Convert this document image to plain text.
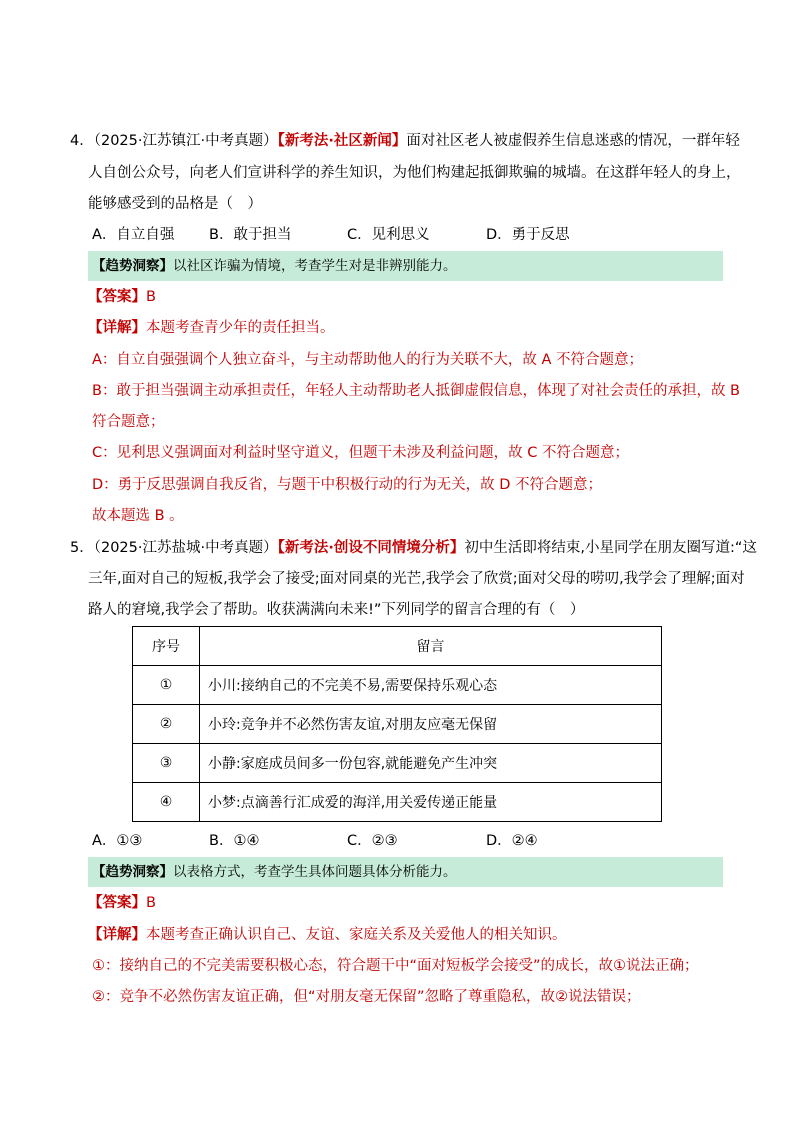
4．（2025·江苏镇江·中考真题）【新考法·社区新闻】面对社区老人被虚假养生信息迷惑的情况，一群年轻
人自创公众号，向老人们宣讲科学的养生知识，为他们构建起抵御欺骗的城墙。在这群年轻人的身上，
能够感受到的品格是（　）
A．自立自强 B．敢于担当	C．见利思义	D．勇于反思
【趋势洞察】以社区诈骗为情境，考查学生对是非辨别能力。
【答案】B
【详解】本题考查青少年的责任担当。
A：自立自强强调个人独立奋斗，与主动帮助他人的行为关联不大，故 A 不符合题意；
B：敢于担当强调主动承担责任，年轻人主动帮助老人抵御虚假信息，体现了对社会责任的承担，故 B
符合题意；
C：见利思义强调面对利益时坚守道义，但题干未涉及利益问题，故 C 不符合题意；
D：勇于反思强调自我反省，与题干中积极行动的行为无关，故 D 不符合题意；
故本题选 B 。
5．（2025·江苏盐城·中考真题）【新考法·创设不同情境分析】初中生活即将结束,小星同学在朋友圈写道:“这
三年,面对自己的短板,我学会了接受;面对同桌的光芒,我学会了欣赏;面对父母的唠叨,我学会了理解;面对
路人的窘境,我学会了帮助。收获满满向未来!”下列同学的留言合理的有（　）
序号	留言
①	小川:接纳自己的不完美不易,需要保持乐观心态
②	小玲:竞争并不必然伤害友谊,对朋友应毫无保留
③	小静:家庭成员间多一份包容,就能避免产生冲突
④	小梦:点滴善行汇成爱的海洋,用关爱传递正能量
A．①③	B．①④	C．②③	D．②④
【趋势洞察】以表格方式，考查学生具体问题具体分析能力。
【答案】B
【详解】本题考查正确认识自己、友谊、家庭关系及关爱他人的相关知识。
①：接纳自己的不完美需要积极心态，符合题干中“面对短板学会接受”的成长，故①说法正确；
②：竞争不必然伤害友谊正确，但“对朋友毫无保留”忽略了尊重隐私，故②说法错误；
